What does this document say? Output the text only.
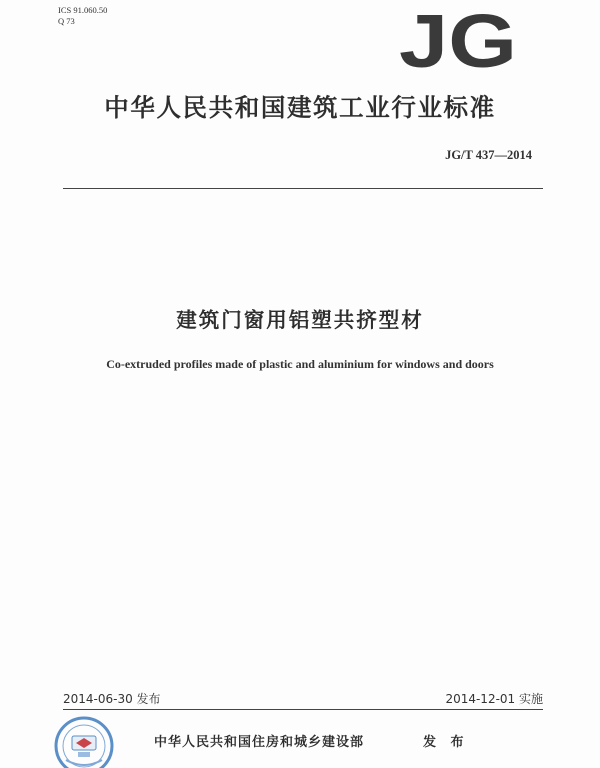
ICS 91.060.50
Q 73	JG
中华人民共和国建筑工业行业标准
JG/T 437—2014
建筑门窗用铝塑共挤型材
Co-extruded profiles made of plastic and aluminium for windows and doors
2014-06-30 发布	2014-12-01 实施
中华人民共和国住房和城乡建设部	发 布
